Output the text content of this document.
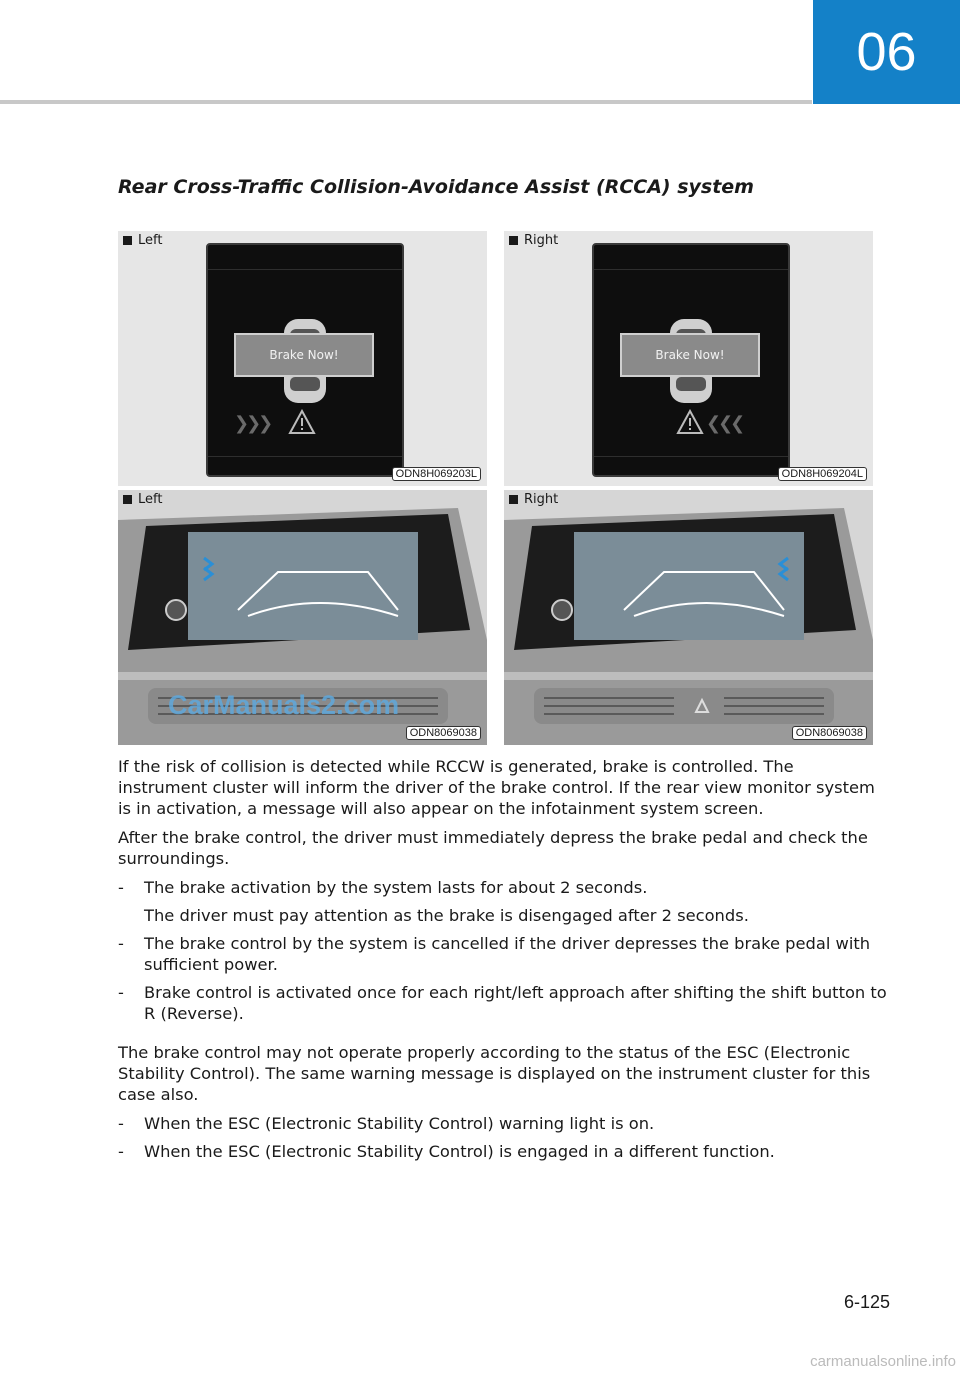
06
Rear Cross-Traffic Collision-Avoidance Assist (RCCA) system
Left
Brake Now!
❯❯❯
ODN8H069203L
Right
Brake Now!
❮❮❮
ODN8H069204L
Left
CarManuals2.com
ODN8069038
Right
ODN8069038

If the risk of collision is detected while RCCW is generated, brake is controlled. The instrument cluster will inform the driver of the brake control. If the rear view monitor system is in activation, a message will also appear on the infotainment system screen.

After the brake control, the driver must immediately depress the brake pedal and check the surroundings.

-	The brake activation by the system lasts for about 2 seconds.
The driver must pay attention as the brake is disengaged after 2 seconds.
-	The brake control by the system is cancelled if the driver depresses the brake pedal with sufficient power.
-	Brake control is activated once for each right/left approach after shifting the shift button to R (Reverse).

The brake control may not operate properly according to the status of the ESC (Electronic Stability Control). The same warning message is displayed on the instrument cluster for this case also.

-	When the ESC (Electronic Stability Control) warning light is on.
-	When the ESC (Electronic Stability Control) is engaged in a different function.
6-125
carmanualsonline.info
